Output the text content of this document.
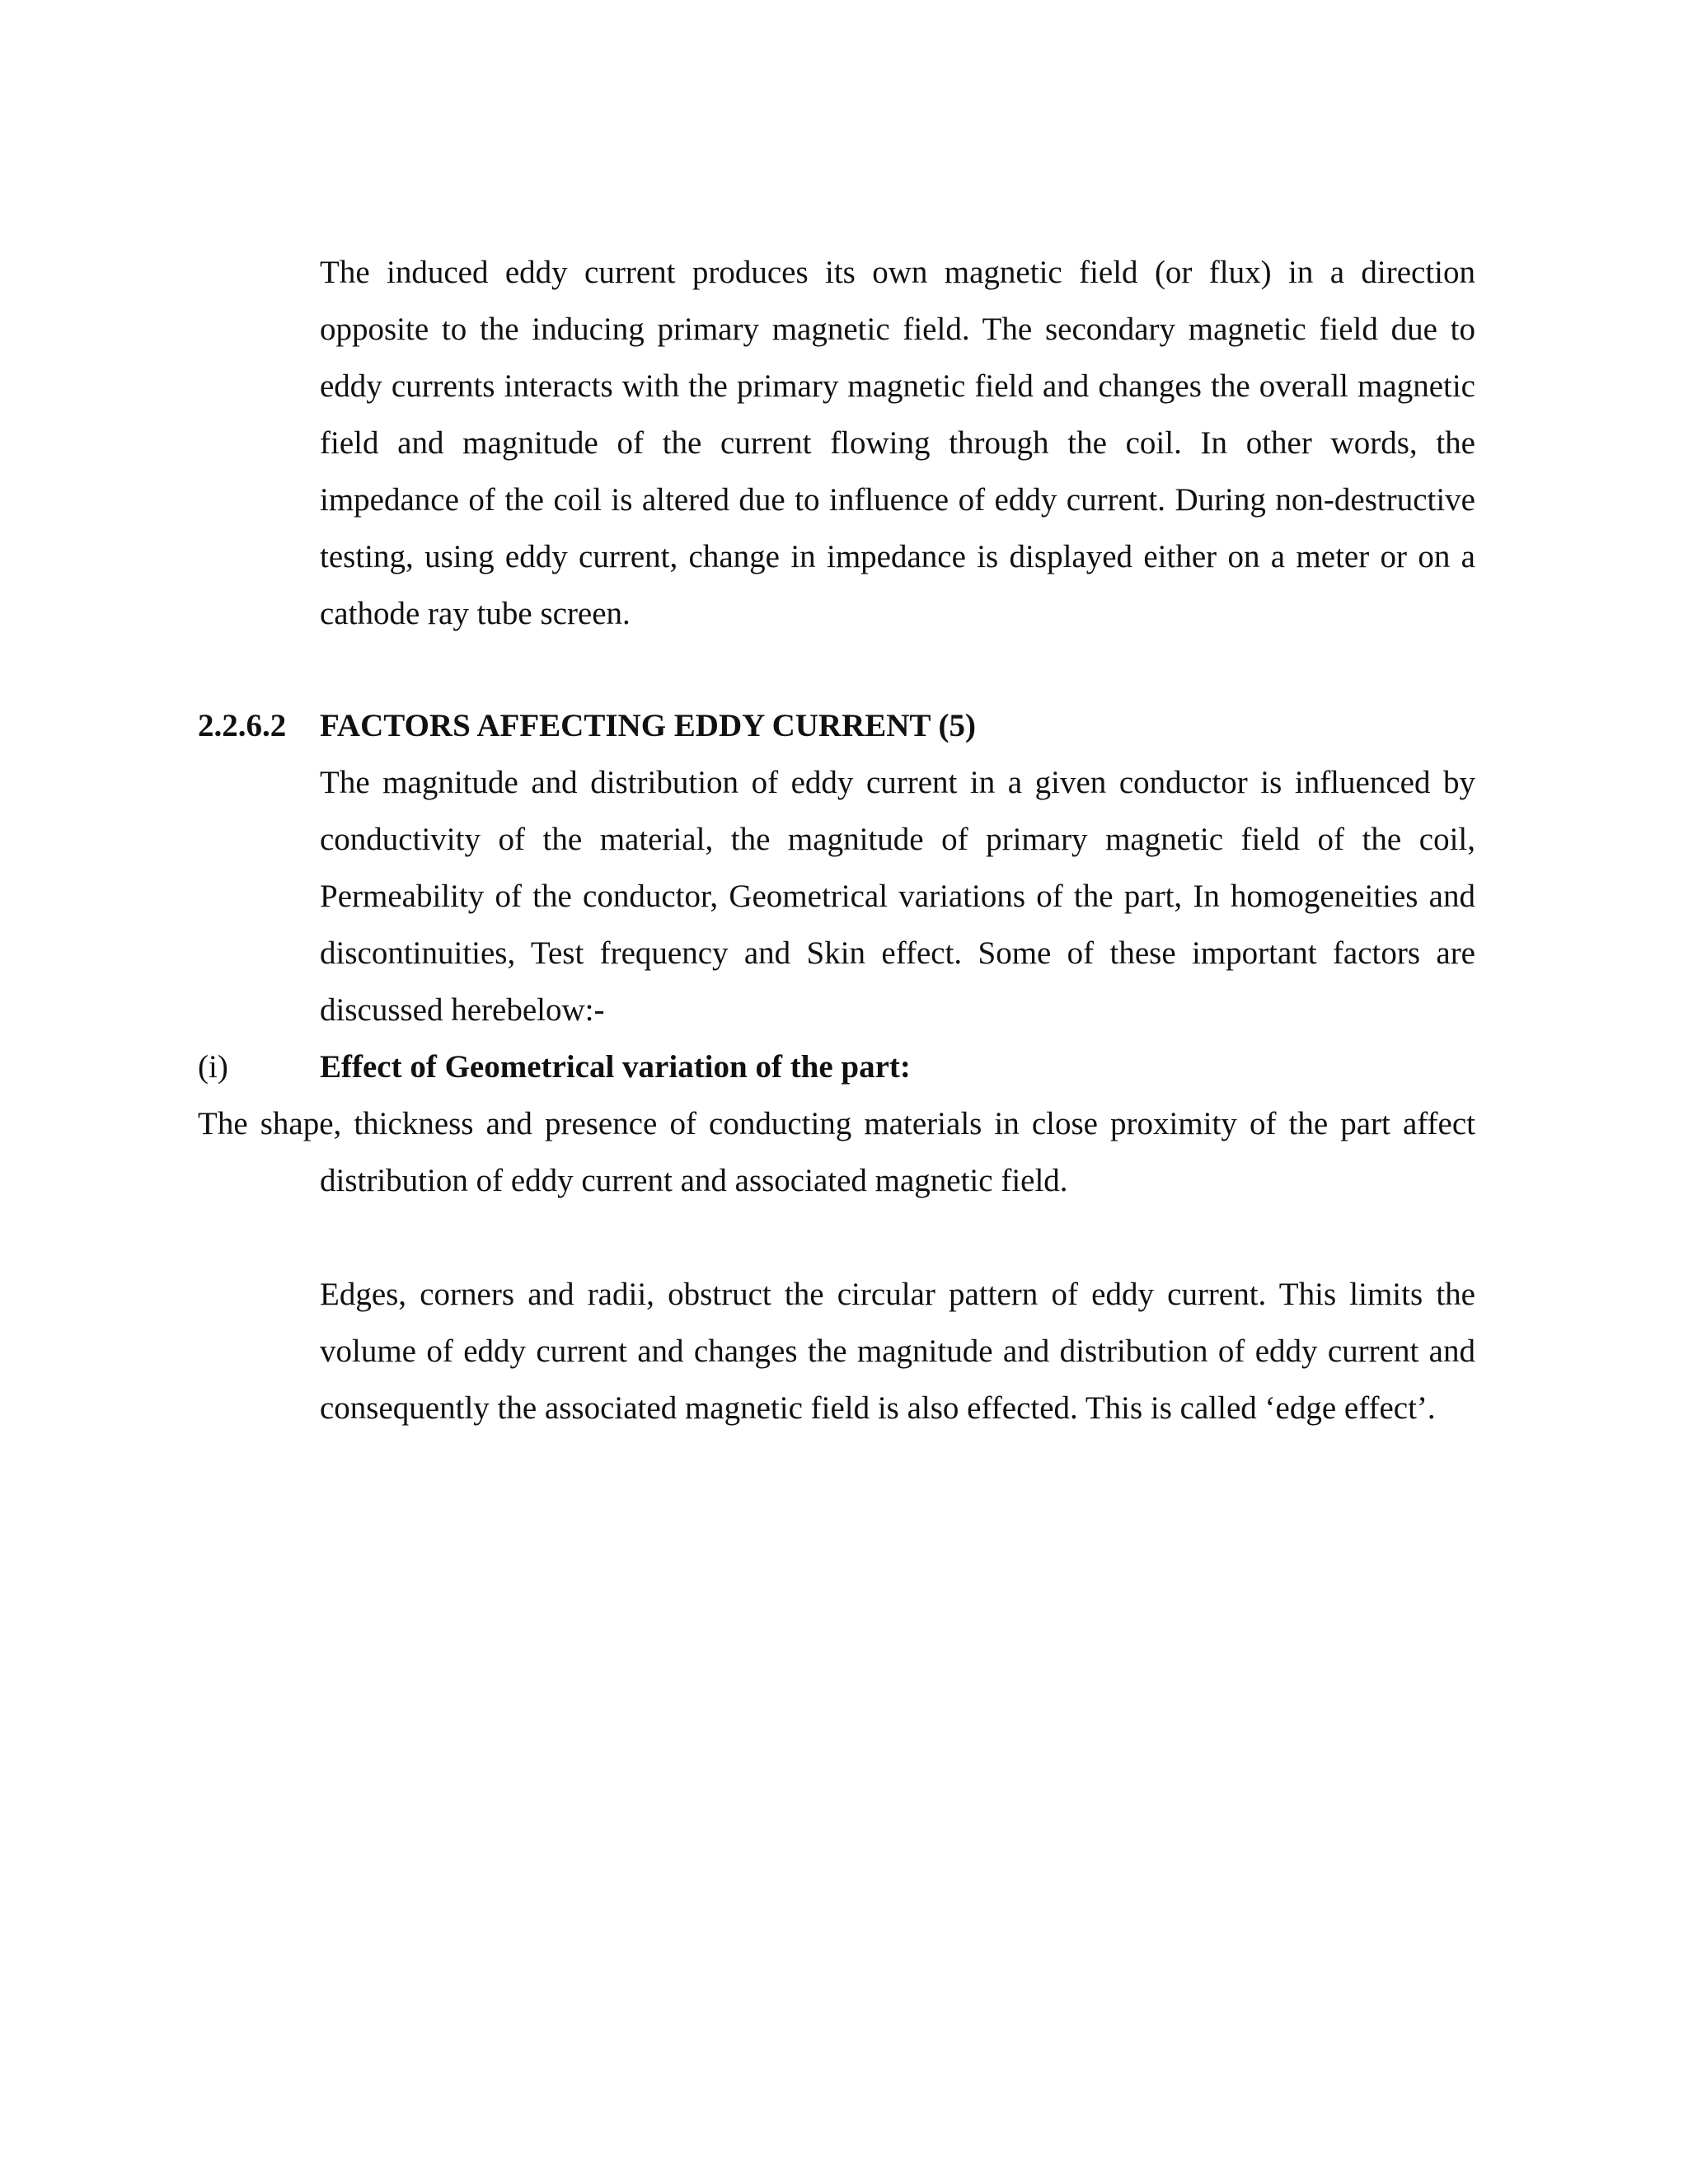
The induced eddy current produces its own magnetic field (or flux) in a direction opposite to the inducing primary magnetic field. The secondary magnetic field due to eddy currents interacts with the primary magnetic field and changes the overall magnetic field and magnitude of the current flowing through the coil. In other words, the impedance of the coil is altered due to influence of eddy current. During non-destructive testing, using eddy current, change in impedance is displayed either on a meter or on a cathode ray tube screen.

2.2.6.2 FACTORS AFFECTING EDDY CURRENT (5)

The magnitude and distribution of eddy current in a given conductor is influenced by conductivity of the material, the magnitude of primary magnetic field of the coil, Permeability of the conductor, Geometrical variations of the part, In homogeneities and discontinuities, Test frequency and Skin effect. Some of these important factors are discussed herebelow:-

(i)	Effect of Geometrical variation of the part:

The shape, thickness and presence of conducting materials in close proximity of the part affect
distribution of eddy current and associated magnetic field.

Edges, corners and radii, obstruct the circular pattern of eddy current. This limits the volume of eddy current and changes the magnitude and distribution of eddy current and consequently the associated magnetic field is also effected. This is called ‘edge effect’.
